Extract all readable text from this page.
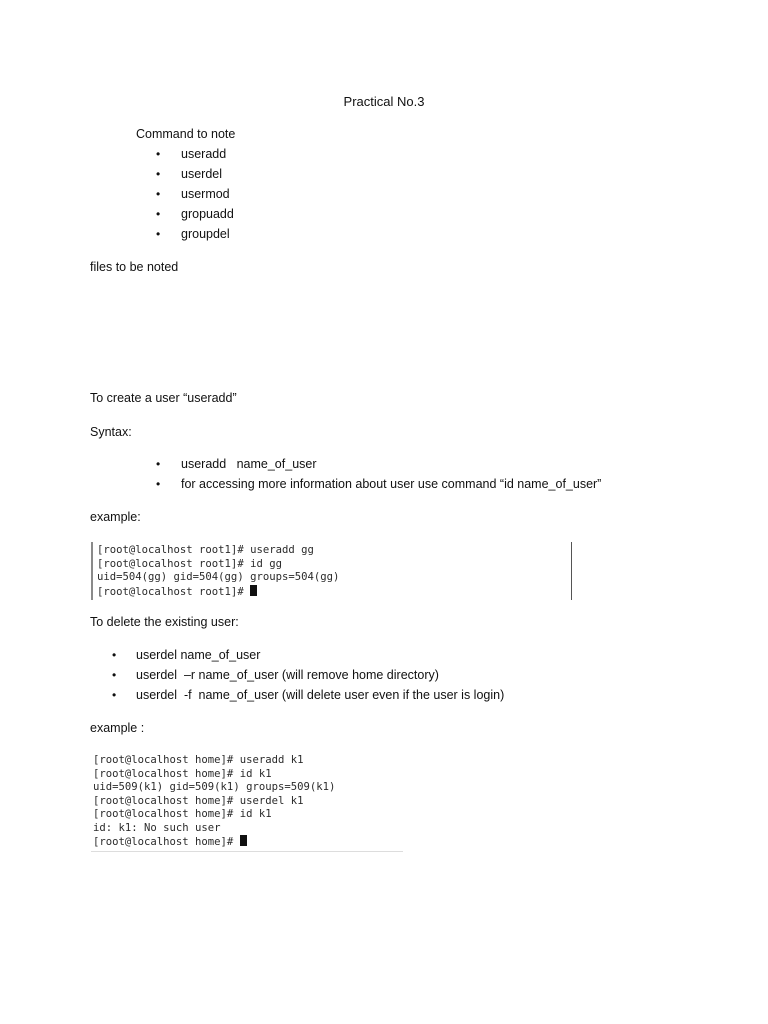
Practical No.3
Command to note
• useradd
• userdel
• usermod
• gropuadd
• groupdel
files to be noted
To create a user “useradd”
Syntax:
• useradd   name_of_user
• for accessing more information about user use command “id name_of_user”
example:
[root@localhost root1]# useradd gg
[root@localhost root1]# id gg
uid=504(gg) gid=504(gg) groups=504(gg)
[root@localhost root1]#
To delete the existing user:
• userdel name_of_user
• userdel  –r name_of_user (will remove home directory)
• userdel  -f  name_of_user (will delete user even if the user is login)
example :
[root@localhost home]# useradd k1
[root@localhost home]# id k1
uid=509(k1) gid=509(k1) groups=509(k1)
[root@localhost home]# userdel k1
[root@localhost home]# id k1
id: k1: No such user
[root@localhost home]#
